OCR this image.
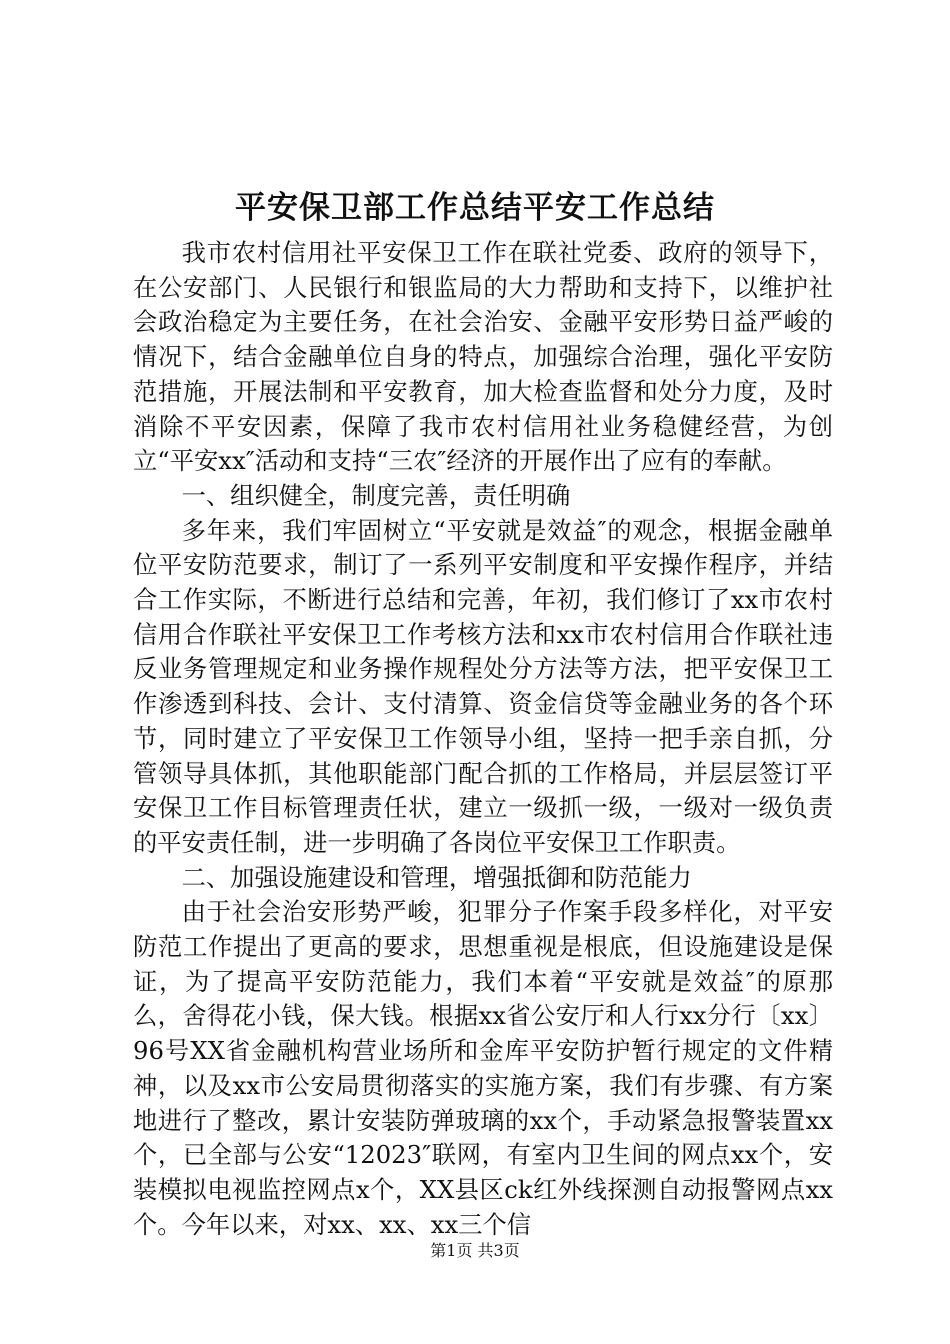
平安保卫部工作总结平安工作总结

我市农村信用社平安保卫工作在联社党委、政府的领导下，在公安部门、人民银行和银监局的大力帮助和支持下，以维护社会政治稳定为主要任务，在社会治安、金融平安形势日益严峻的情况下，结合金融单位自身的特点，加强综合治理，强化平安防范措施，开展法制和平安教育，加大检查监督和处分力度，及时消除不平安因素，保障了我市农村信用社业务稳健经营，为创立“平安xx″活动和支持“三农″经济的开展作出了应有的奉献。

一、组织健全，制度完善，责任明确

多年来，我们牢固树立“平安就是效益″的观念，根据金融单位平安防范要求，制订了一系列平安制度和平安操作程序，并结合工作实际，不断进行总结和完善，年初，我们修订了xx市农村信用合作联社平安保卫工作考核方法和xx市农村信用合作联社违反业务管理规定和业务操作规程处分方法等方法，把平安保卫工作渗透到科技、会计、支付清算、资金信贷等金融业务的各个环节，同时建立了平安保卫工作领导小组，坚持一把手亲自抓，分管领导具体抓，其他职能部门配合抓的工作格局，并层层签订平安保卫工作目标管理责任状，建立一级抓一级，一级对一级负责的平安责任制，进一步明确了各岗位平安保卫工作职责。

二、加强设施建设和管理，增强抵御和防范能力

由于社会治安形势严峻，犯罪分子作案手段多样化，对平安防范工作提出了更高的要求，思想重视是根底，但设施建设是保证，为了提高平安防范能力，我们本着“平安就是效益″的原那么，舍得花小钱，保大钱。根据xx省公安厅和人行xx分行〔xx〕96号XX省金融机构营业场所和金库平安防护暂行规定的文件精神，以及xx市公安局贯彻落实的实施方案，我们有步骤、有方案地进行了整改，累计安装防弹玻璃的xx个，手动紧急报警装置xx个，已全部与公安“12023″联网，有室内卫生间的网点xx个，安装模拟电视监控网点x个，XX县区ck红外线探测自动报警网点xx个。今年以来，对xx、xx、xx三个信

第1页 共3页
